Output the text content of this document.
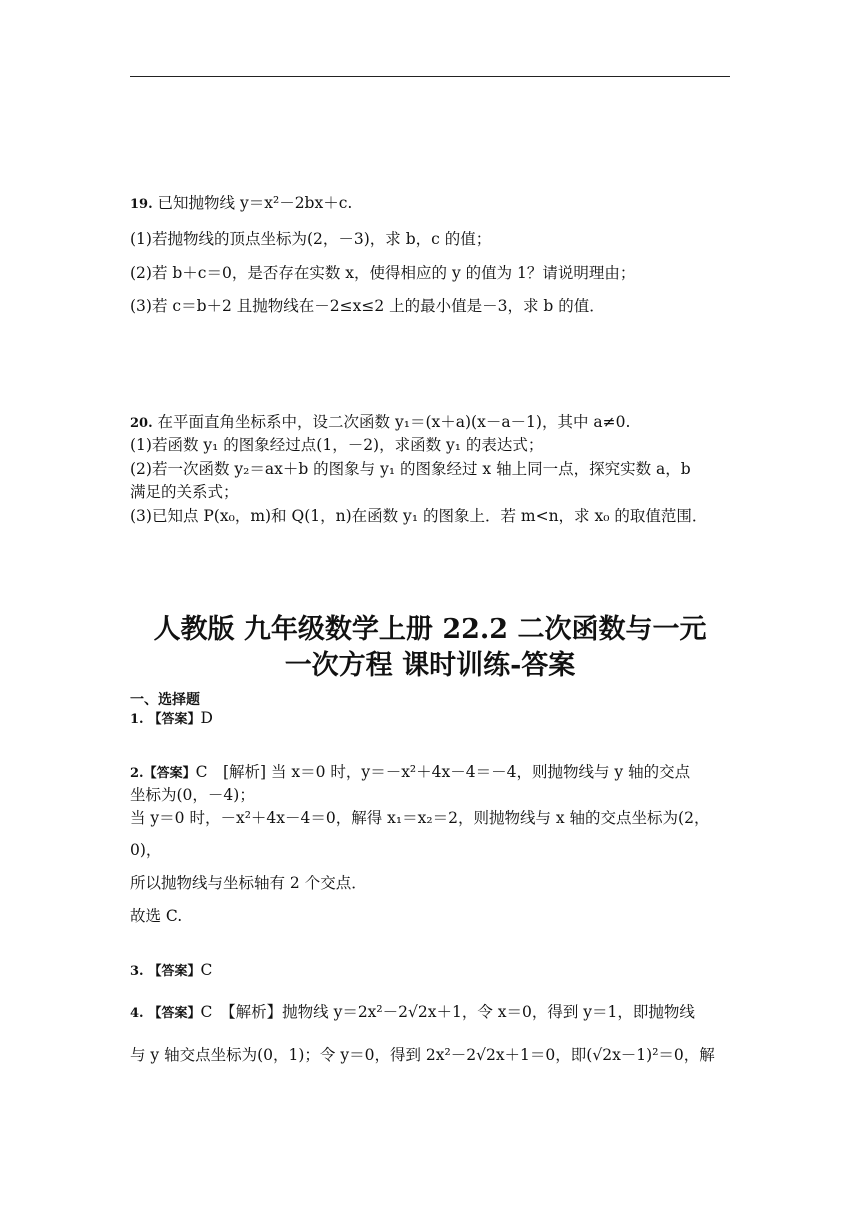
19. 已知抛物线 y＝x²－2bx＋c.
(1)若抛物线的顶点坐标为(2，－3)，求 b，c 的值；
(2)若 b＋c＝0，是否存在实数 x，使得相应的 y 的值为 1？请说明理由；
(3)若 c＝b＋2 且抛物线在－2≤x≤2 上的最小值是－3，求 b 的值．
20. 在平面直角坐标系中，设二次函数 y₁＝(x＋a)(x－a－1)，其中 a≠0.
(1)若函数 y₁ 的图象经过点(1，－2)，求函数 y₁ 的表达式；
(2)若一次函数 y₂＝ax＋b 的图象与 y₁ 的图象经过 x 轴上同一点，探究实数 a，b
满足的关系式；
(3)已知点 P(x₀，m)和 Q(1，n)在函数 y₁ 的图象上．若 m<n，求 x₀ 的取值范围．
人教版 九年级数学上册 22.2 二次函数与一元
一次方程 课时训练-答案
一、选择题
1. 【答案】D
2.【答案】C　[解析] 当 x＝0 时，y＝－x²＋4x－4＝－4，则抛物线与 y 轴的交点
坐标为(0，－4)；
当 y＝0 时，－x²＋4x－4＝0，解得 x₁＝x₂＝2，则抛物线与 x 轴的交点坐标为(2，
0)，
所以抛物线与坐标轴有 2 个交点．
故选 C.
3. 【答案】C
4. 【答案】C　【解析】抛物线 y＝2x²－2√2x＋1，令 x＝0，得到 y＝1，即抛物线
与 y 轴交点坐标为(0，1)；令 y＝0，得到 2x²－2√2x＋1＝0，即(√2x－1)²＝0，解
